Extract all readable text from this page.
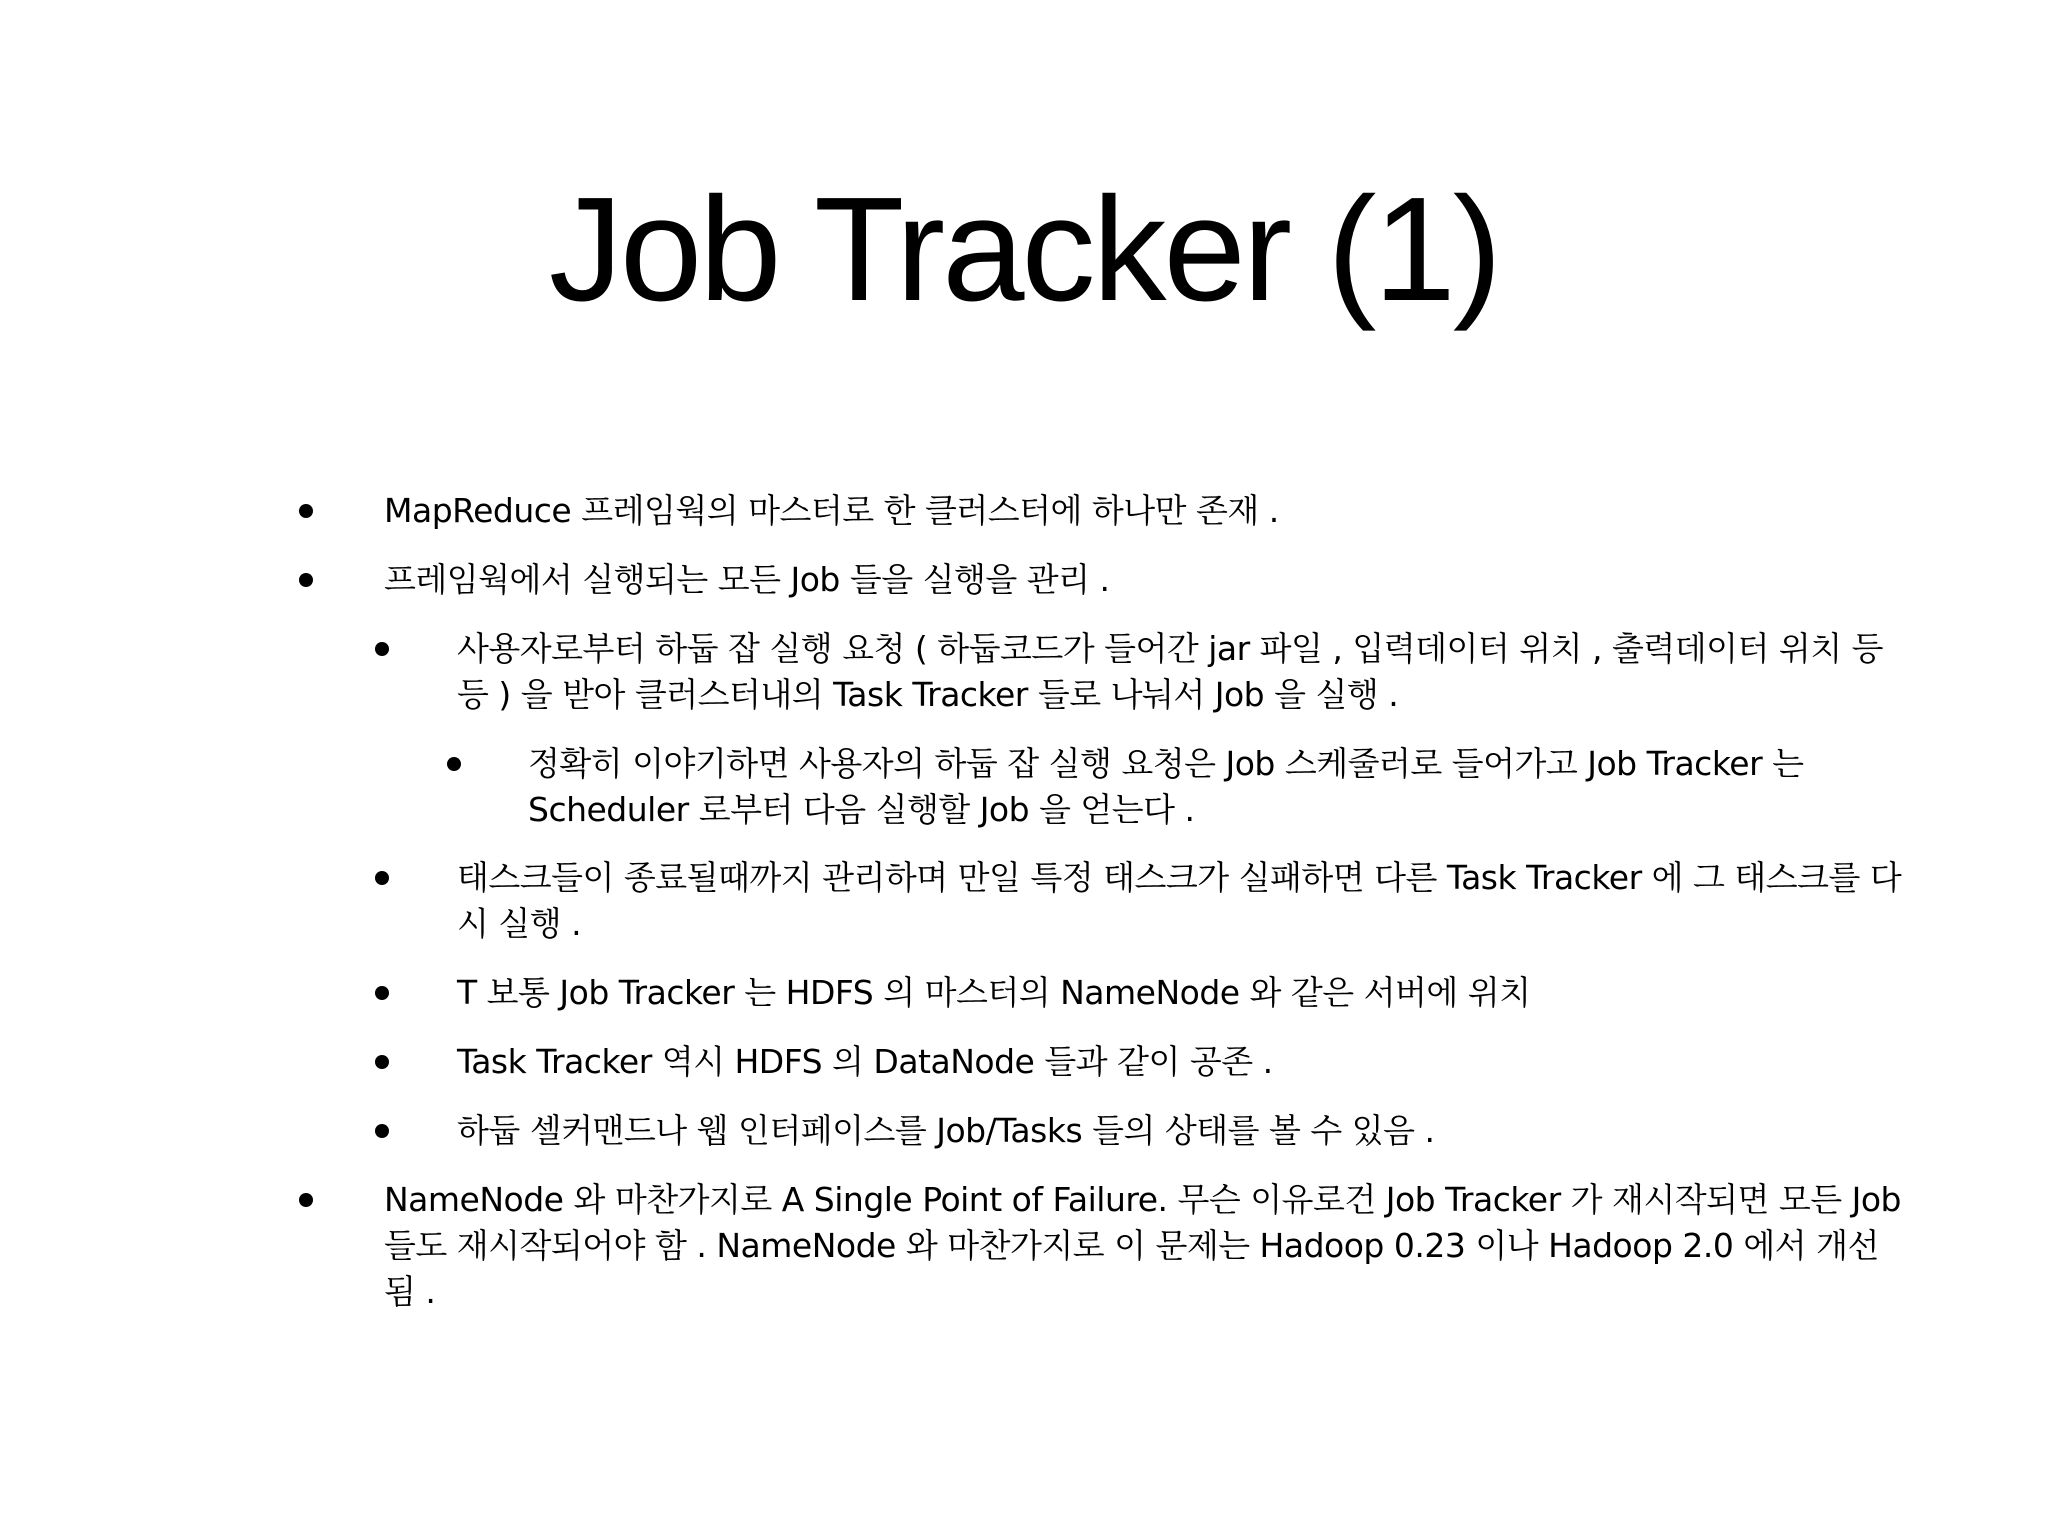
Job Tracker (1)
MapReduce 프레임웍의 마스터로 한 클러스터에 하나만 존재 .
프레임웍에서 실행되는 모든 Job 들을 실행을 관리 .
사용자로부터 하둡 잡 실행 요청 ( 하둡코드가 들어간 jar 파일 , 입력데이터 위치 , 출력데이터 위치 등등 ) 을 받아 클러스터내의 Task Tracker 들로 나눠서 Job 을 실행 .
정확히 이야기하면 사용자의 하둡 잡 실행 요청은 Job 스케줄러로 들어가고 Job Tracker 는 Scheduler 로부터 다음 실행할 Job 을 얻는다 .
태스크들이 종료될때까지 관리하며 만일 특정 태스크가 실패하면 다른 Task Tracker 에 그 태스크를 다시 실행 .
T 보통 Job Tracker 는 HDFS 의 마스터의 NameNode 와 같은 서버에 위치
Task Tracker 역시 HDFS 의 DataNode 들과 같이 공존 .
하둡 셀커맨드나 웹 인터페이스를 Job/Tasks 들의 상태를 볼 수 있음 .
NameNode 와 마찬가지로 A Single Point of Failure. 무슨 이유로건 Job Tracker 가 재시작되면 모든 Job 들도 재시작되어야 함 . NameNode 와 마찬가지로 이 문제는 Hadoop 0.23 이나 Hadoop 2.0 에서 개선됨 .
